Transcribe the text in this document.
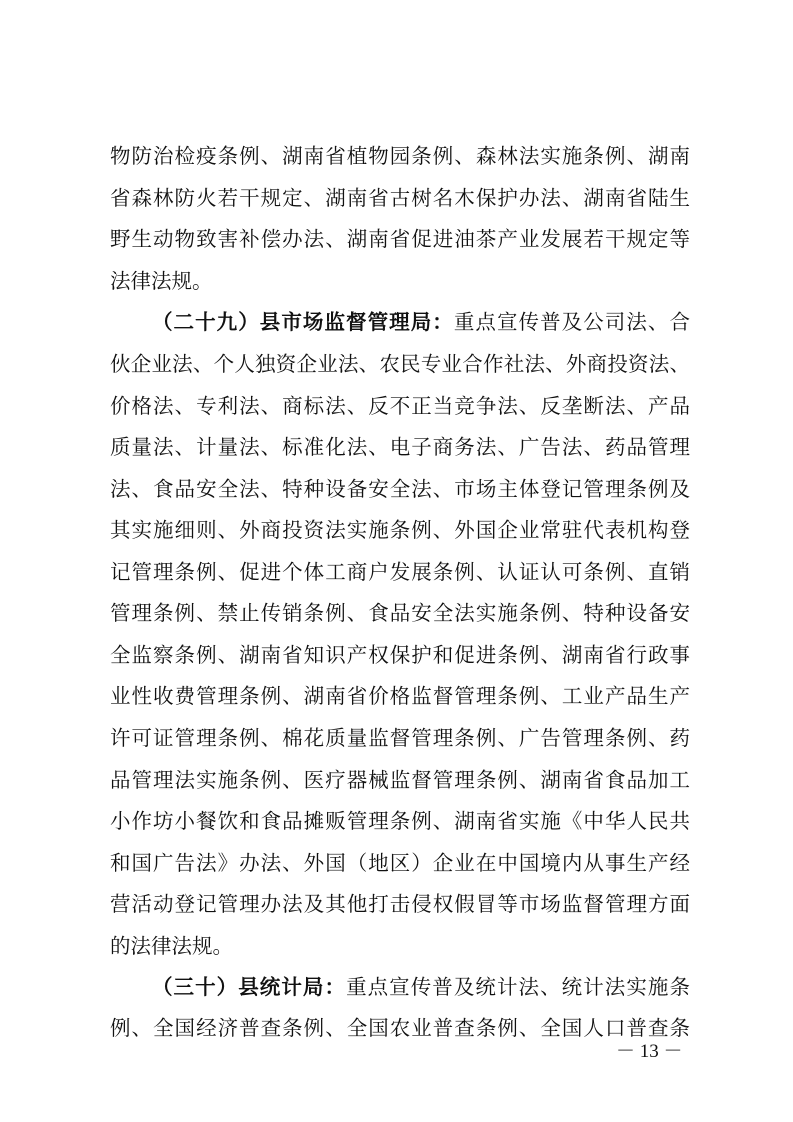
物防治检疫条例、湖南省植物园条例、森林法实施条例、湖南
省森林防火若干规定、湖南省古树名木保护办法、湖南省陆生
野生动物致害补偿办法、湖南省促进油茶产业发展若干规定等
法律法规。
（二十九）县市场监督管理局：重点宣传普及公司法、合
伙企业法、个人独资企业法、农民专业合作社法、外商投资法、
价格法、专利法、商标法、反不正当竞争法、反垄断法、产品
质量法、计量法、标准化法、电子商务法、广告法、药品管理
法、食品安全法、特种设备安全法、市场主体登记管理条例及
其实施细则、外商投资法实施条例、外国企业常驻代表机构登
记管理条例、促进个体工商户发展条例、认证认可条例、直销
管理条例、禁止传销条例、食品安全法实施条例、特种设备安
全监察条例、湖南省知识产权保护和促进条例、湖南省行政事
业性收费管理条例、湖南省价格监督管理条例、工业产品生产
许可证管理条例、棉花质量监督管理条例、广告管理条例、药
品管理法实施条例、医疗器械监督管理条例、湖南省食品加工
小作坊小餐饮和食品摊贩管理条例、湖南省实施《中华人民共
和国广告法》办法、外国（地区）企业在中国境内从事生产经
营活动登记管理办法及其他打击侵权假冒等市场监督管理方面
的法律法规。
（三十）县统计局：重点宣传普及统计法、统计法实施条
例、全国经济普查条例、全国农业普查条例、全国人口普查条
－ 13 －
